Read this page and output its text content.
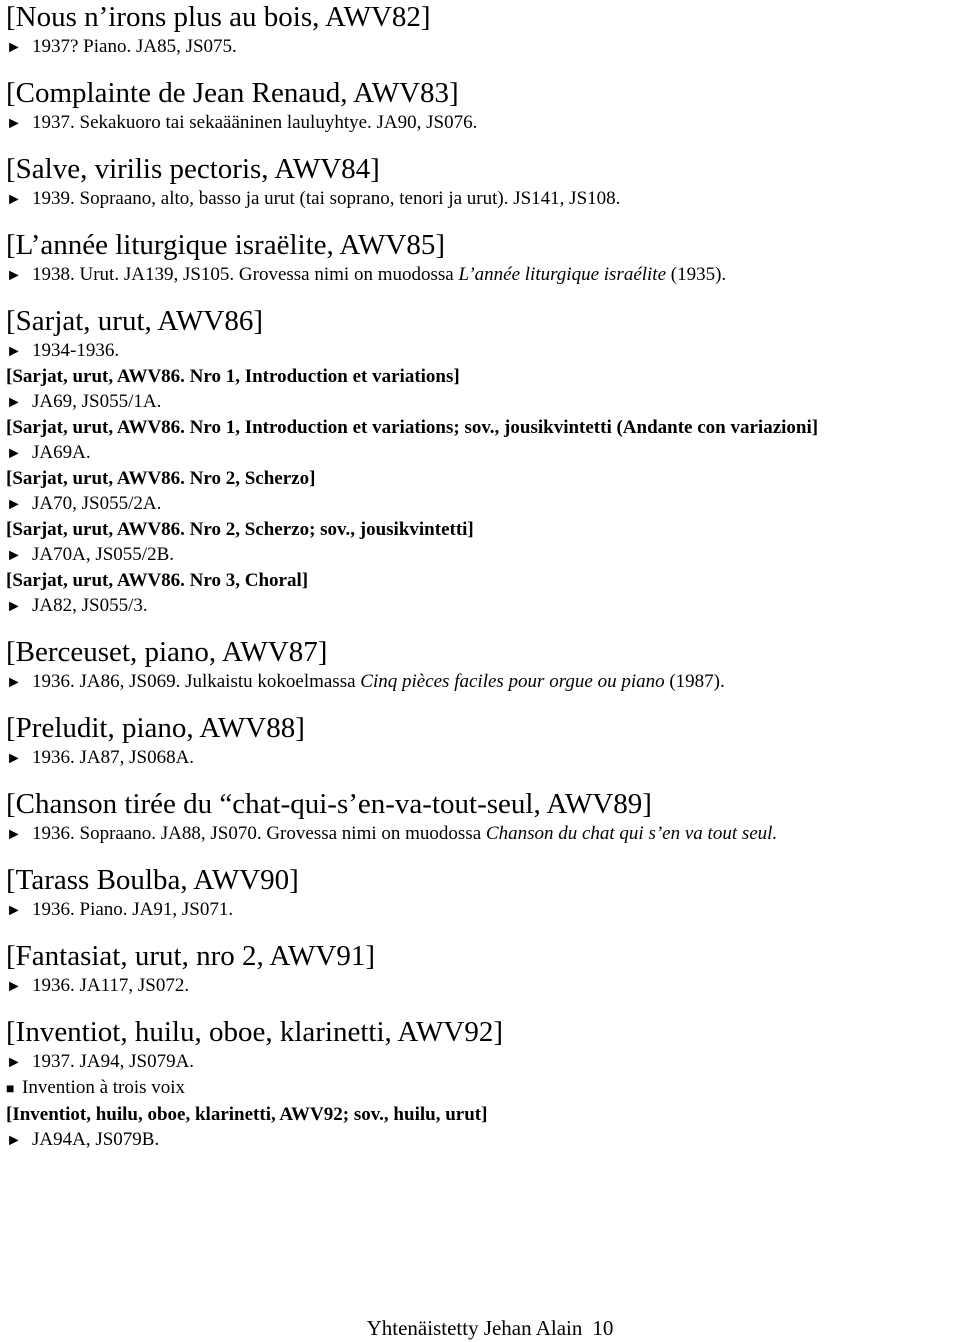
[Nous n’irons plus au bois, AWV82]
► 1937? Piano. JA85, JS075.
[Complainte de Jean Renaud, AWV83]
► 1937. Sekakuoro tai sekaääninen lauluyhtye. JA90, JS076.
[Salve, virilis pectoris, AWV84]
► 1939. Sopraano, alto, basso ja urut (tai soprano, tenori ja urut). JS141, JS108.
[L’année liturgique israëlite, AWV85]
► 1938. Urut. JA139, JS105. Grovessa nimi on muodossa L’année liturgique israélite (1935).
[Sarjat, urut, AWV86]
► 1934-1936.
[Sarjat, urut, AWV86. Nro 1, Introduction et variations]
► JA69, JS055/1A.
[Sarjat, urut, AWV86. Nro 1, Introduction et variations; sov., jousikvintetti (Andante con variazioni]
► JA69A.
[Sarjat, urut, AWV86. Nro 2, Scherzo]
► JA70, JS055/2A.
[Sarjat, urut, AWV86. Nro 2, Scherzo; sov., jousikvintetti]
► JA70A, JS055/2B.
[Sarjat, urut, AWV86. Nro 3, Choral]
► JA82, JS055/3.
[Berceuset, piano, AWV87]
► 1936. JA86, JS069. Julkaistu kokoelmassa Cinq pièces faciles pour orgue ou piano (1987).
[Preludit, piano, AWV88]
► 1936. JA87, JS068A.
[Chanson tirée du “chat-qui-s’en-va-tout-seul, AWV89]
► 1936. Sopraano. JA88, JS070. Grovessa nimi on muodossa Chanson du chat qui s’en va tout seul.
[Tarass Boulba, AWV90]
► 1936. Piano. JA91, JS071.
[Fantasiat, urut, nro 2, AWV91]
► 1936. JA117, JS072.
[Inventiot, huilu, oboe, klarinetti, AWV92]
► 1937. JA94, JS079A.
■ Invention à trois voix
[Inventiot, huilu, oboe, klarinetti, AWV92; sov., huilu, urut]
► JA94A, JS079B.
Yhtenäistetty Jehan Alain 10
